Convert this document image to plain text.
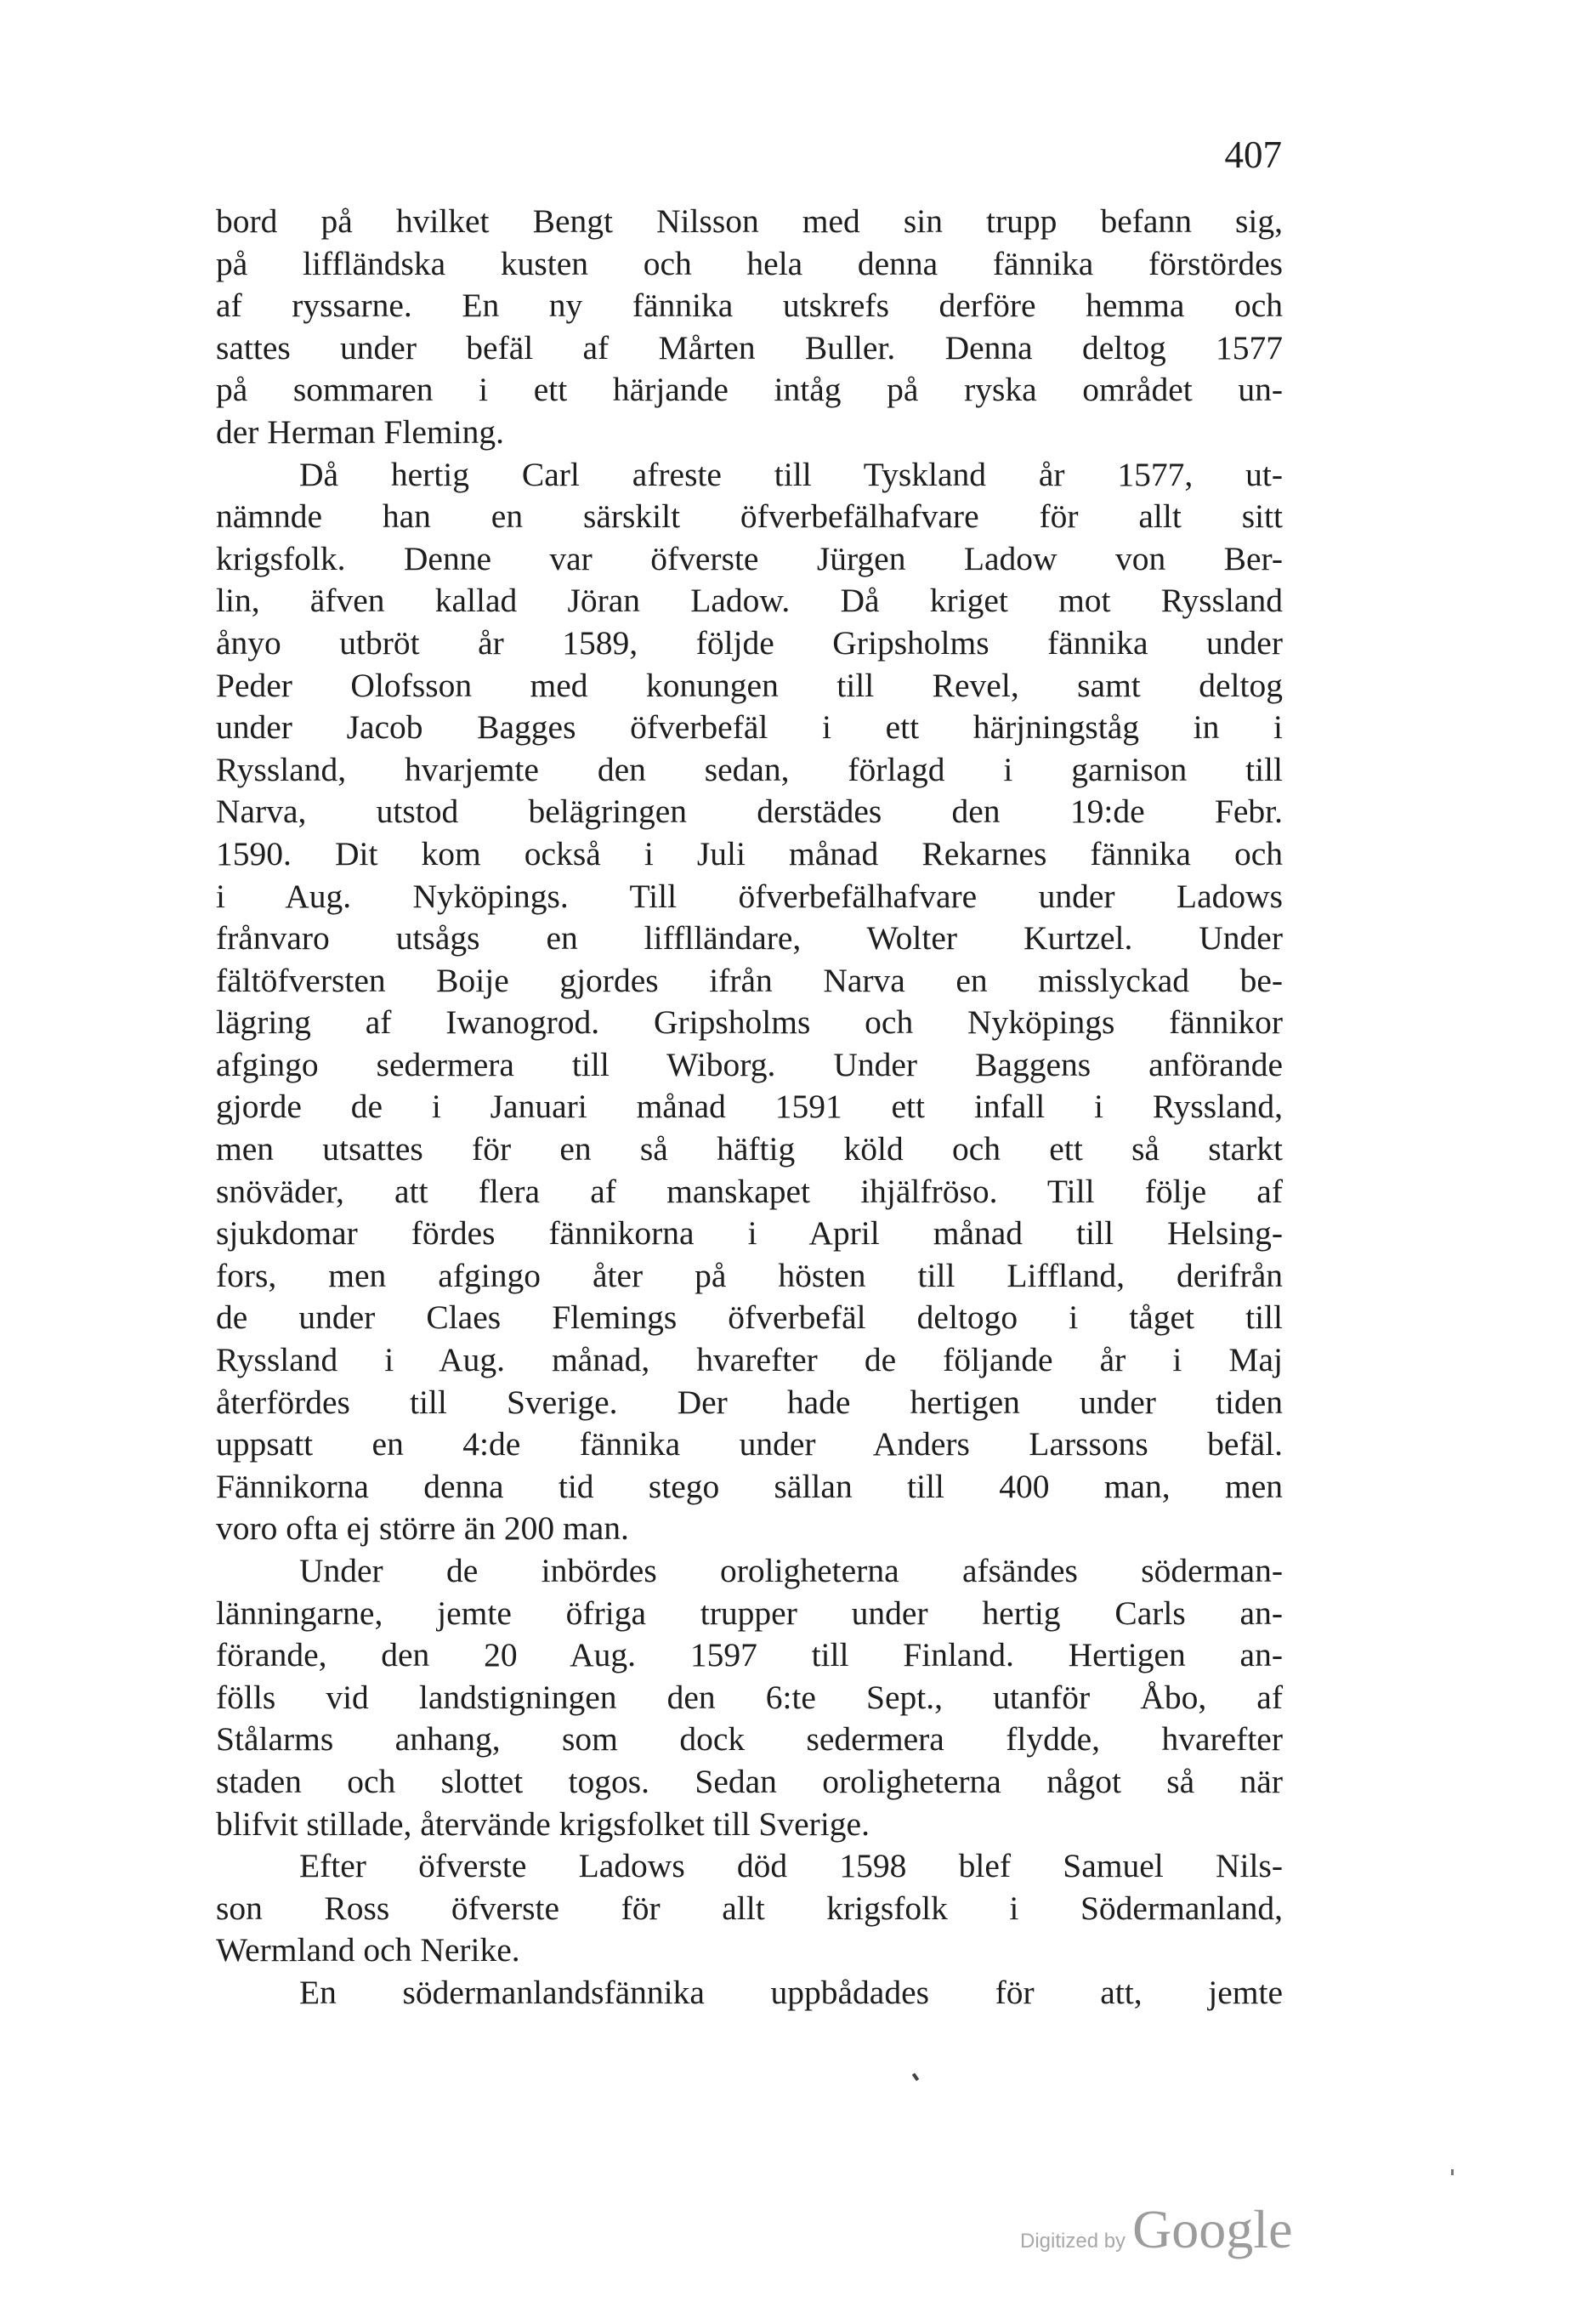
407
bord på hvilket Bengt Nilsson med sin trupp befann sig,
på liffländska kusten och hela denna fännika förstördes
af ryssarne. En ny fännika utskrefs derföre hemma och
sattes under befäl af Mårten Buller. Denna deltog 1577
på sommaren i ett härjande intåg på ryska området un-
der Herman Fleming.
Då hertig Carl afreste till Tyskland år 1577, ut-
nämnde han en särskilt öfverbefälhafvare för allt sitt
krigsfolk. Denne var öfverste Jürgen Ladow von Ber-
lin, äfven kallad Jöran Ladow. Då kriget mot Ryssland
ånyo utbröt år 1589, följde Gripsholms fännika under
Peder Olofsson med konungen till Revel, samt deltog
under Jacob Bagges öfverbefäl i ett härjningståg in i
Ryssland, hvarjemte den sedan, förlagd i garnison till
Narva, utstod belägringen derstädes den 19:de Febr.
1590. Dit kom också i Juli månad Rekarnes fännika och
i Aug. Nyköpings. Till öfverbefälhafvare under Ladows
frånvaro utsågs en lifflländare, Wolter Kurtzel. Under
fältöfversten Boije gjordes ifrån Narva en misslyckad be-
lägring af Iwanogrod. Gripsholms och Nyköpings fännikor
afgingo sedermera till Wiborg. Under Baggens anförande
gjorde de i Januari månad 1591 ett infall i Ryssland,
men utsattes för en så häftig köld och ett så starkt
snöväder, att flera af manskapet ihjälfröso. Till följe af
sjukdomar fördes fännikorna i April månad till Helsing-
fors, men afgingo åter på hösten till Liffland, derifrån
de under Claes Flemings öfverbefäl deltogo i tåget till
Ryssland i Aug. månad, hvarefter de följande år i Maj
återfördes till Sverige. Der hade hertigen under tiden
uppsatt en 4:de fännika under Anders Larssons befäl.
Fännikorna denna tid stego sällan till 400 man, men
voro ofta ej större än 200 man.
Under de inbördes oroligheterna afsändes söderman-
länningarne, jemte öfriga trupper under hertig Carls an-
förande, den 20 Aug. 1597 till Finland. Hertigen an-
fölls vid landstigningen den 6:te Sept., utanför Åbo, af
Stålarms anhang, som dock sedermera flydde, hvarefter
staden och slottet togos. Sedan oroligheterna något så när
blifvit stillade, återvände krigsfolket till Sverige.
Efter öfverste Ladows död 1598 blef Samuel Nils-
son Ross öfverste för allt krigsfolk i Södermanland,
Wermland och Nerike.
En södermanlandsfännika uppbådades för att, jemte
Digitized by Google
